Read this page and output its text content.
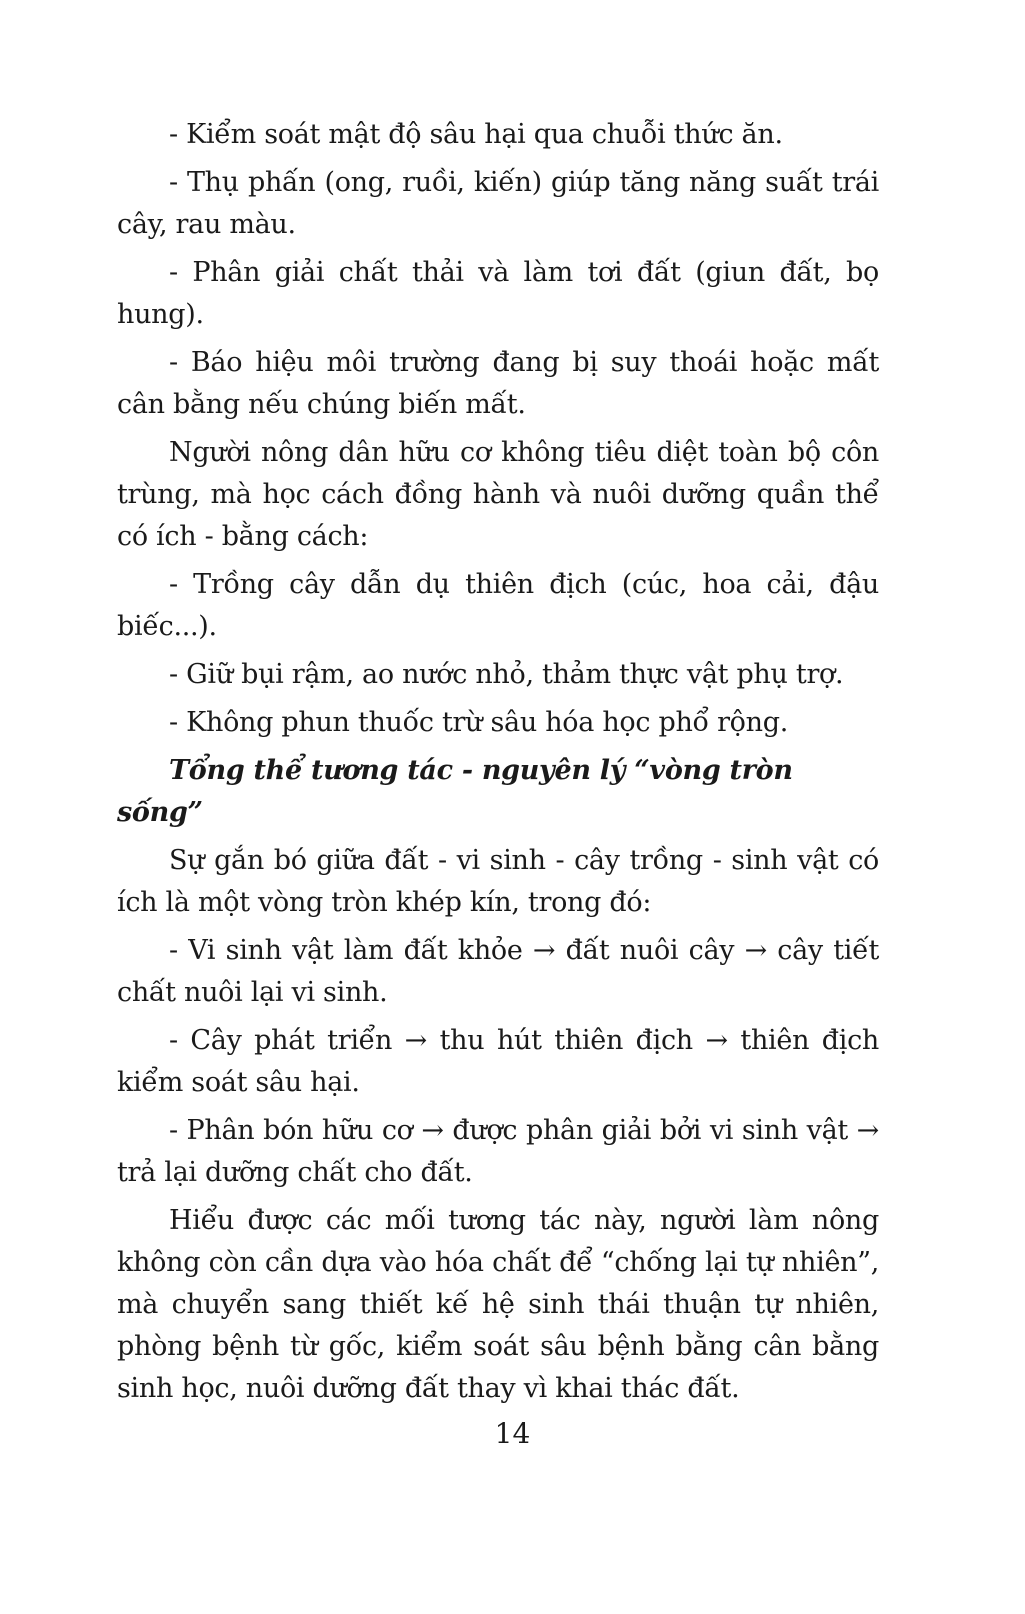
- Kiểm soát mật độ sâu hại qua chuỗi thức ăn.

- Thụ phấn (ong, ruồi, kiến) giúp tăng năng suất trái cây, rau màu.

- Phân giải chất thải và làm tơi đất (giun đất, bọ hung).

- Báo hiệu môi trường đang bị suy thoái hoặc mất cân bằng nếu chúng biến mất.

Người nông dân hữu cơ không tiêu diệt toàn bộ côn trùng, mà học cách đồng hành và nuôi dưỡng quần thể có ích - bằng cách:

- Trồng cây dẫn dụ thiên địch (cúc, hoa cải, đậu biếc...).

- Giữ bụi rậm, ao nước nhỏ, thảm thực vật phụ trợ.

- Không phun thuốc trừ sâu hóa học phổ rộng.

Tổng thể tương tác - nguyên lý “vòng tròn sống”

Sự gắn bó giữa đất - vi sinh - cây trồng - sinh vật có ích là một vòng tròn khép kín, trong đó:

- Vi sinh vật làm đất khỏe → đất nuôi cây → cây tiết chất nuôi lại vi sinh.

- Cây phát triển → thu hút thiên địch → thiên địch kiểm soát sâu hại.

- Phân bón hữu cơ → được phân giải bởi vi sinh vật → trả lại dưỡng chất cho đất.

Hiểu được các mối tương tác này, người làm nông không còn cần dựa vào hóa chất để “chống lại tự nhiên”, mà chuyển sang thiết kế hệ sinh thái thuận tự nhiên, phòng bệnh từ gốc, kiểm soát sâu bệnh bằng cân bằng sinh học, nuôi dưỡng đất thay vì khai thác đất.

14
